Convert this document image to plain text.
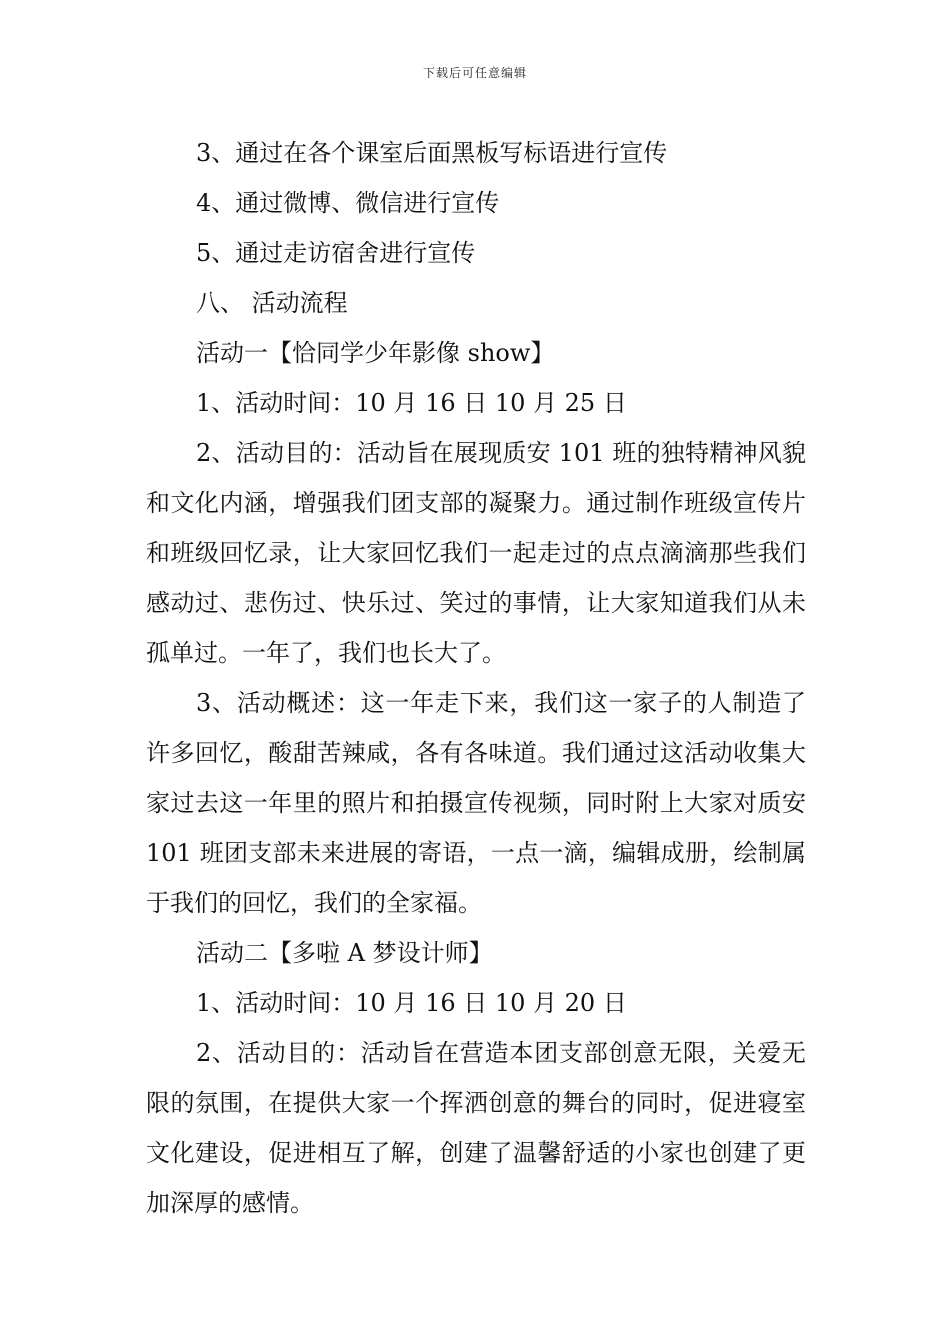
下载后可任意编辑

3、通过在各个课室后面黑板写标语进行宣传

4、通过微博、微信进行宣传

5、通过走访宿舍进行宣传

八、 活动流程

活动一【恰同学少年影像 show】

1、活动时间：10 月 16 日 10 月 25 日

2、活动目的：活动旨在展现质安 101 班的独特精神风貌和文化内涵，增强我们团支部的凝聚力。通过制作班级宣传片和班级回忆录，让大家回忆我们一起走过的点点滴滴那些我们感动过、悲伤过、快乐过、笑过的事情，让大家知道我们从未孤单过。一年了，我们也长大了。

3、活动概述：这一年走下来，我们这一家子的人制造了许多回忆，酸甜苦辣咸，各有各味道。我们通过这活动收集大家过去这一年里的照片和拍摄宣传视频，同时附上大家对质安 101 班团支部未来进展的寄语，一点一滴，编辑成册，绘制属于我们的回忆，我们的全家福。

活动二【多啦 A 梦设计师】

1、活动时间：10 月 16 日 10 月 20 日

2、活动目的：活动旨在营造本团支部创意无限，关爱无限的氛围，在提供大家一个挥洒创意的舞台的同时，促进寝室文化建设，促进相互了解，创建了温馨舒适的小家也创建了更加深厚的感情。
